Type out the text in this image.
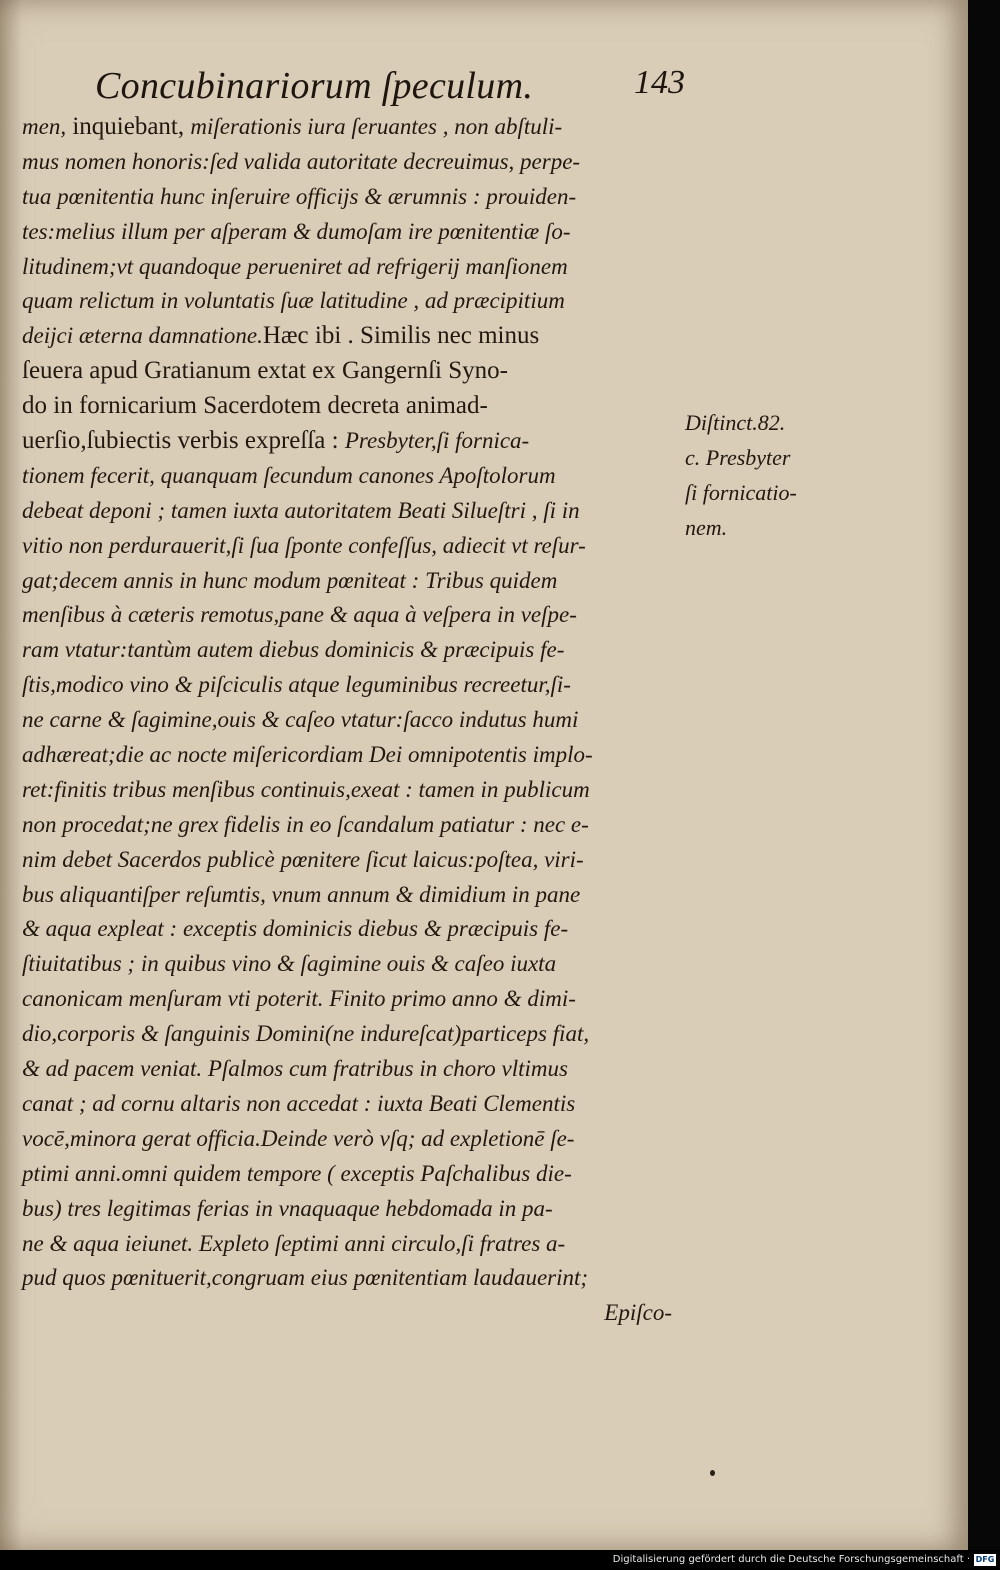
Concubinariorum ſpeculum.	143
men, inquiebant, miſerationis iura ſeruantes , non abſtuli-
mus nomen honoris:ſed validа autoritate decreuimus, perpe-
tua pœnitentia hunc inſeruire officijs & ærumnis : prouiden-
tes:melius illum per aſperam & dumoſam ire pœnitentiæ ſo-
litudinem;vt quandoque perueniret ad refrigerij manſionem
quam relictum in voluntatis ſuæ latitudine , ad præcipitium
deijci æterna damnatione.Hæc ibi . Similis nec minus
ſeuera apud Gratianum extat ex Gangernſi Syno-
do in fornicarium Sacerdotem decreta animad-
uerſio,ſubiectis verbis expreſſa : Presbyter,ſi fornica-
tionem fecerit, quanquam ſecundum canones Apoſtolorum
debeat deponi ; tamen iuxta autoritatem Beati Silueſtri , ſi in
vitio non perdurauerit,ſi ſua ſponte confeſſus, adiecit vt reſur-
gat;decem annis in hunc modum pœniteat : Tribus quidem
menſibus à cæteris remotus,pane & aqua à veſpera in veſpe-
ram vtatur:tantùm autem diebus dominicis & præcipuis fe-
ſtis,modico vino & piſciculis atque leguminibus recreetur,ſi-
ne carne & ſagimine,ouis & caſeo vtatur:ſacco indutus humi
adhæreat;die ac nocte miſericordiam Dei omnipotentis implo-
ret:finitis tribus menſibus continuis,exeat : tamen in publicum
non procedat;ne grex fidelis in eo ſcandalum patiatur : nec e-
nim debet Sacerdos publicè pœnitere ſicut laicus:poſtea, viri-
bus aliquantiſper reſumtis, vnum annum & dimidium in pane
& aqua expleat : exceptis dominicis diebus & præcipuis fe-
ſtiuitatibus ; in quibus vino & ſagimine ouis & caſeo iuxta
canonicam menſuram vti poterit. Finito primo anno & dimi-
dio,corporis & ſanguinis Domini(ne indureſcat)particeps fiat,
& ad pacem veniat. Pſalmos cum fratribus in choro vltimus
canat ; ad cornu altaris non accedat : iuxta Beati Clementis
vocē,minora gerat officia.Deinde verò vſq; ad expletionē ſe-
ptimi anni.omni quidem tempore ( exceptis Paſchalibus die-
bus) tres legitimas ferias in vnaquaque hebdomada in pa-
ne & aqua ieiunet. Expleto ſeptimi anni circulo,ſi fratres a-
pud quos pœnituerit,congruam eius pœnitentiam laudauerint;
Epiſco-
Diſtinct.82.
c. Presbyter
ſi fornicatio-
nem.
Digitalisierung gefördert durch die Deutsche Forschungsgemeinschaft · DFG
